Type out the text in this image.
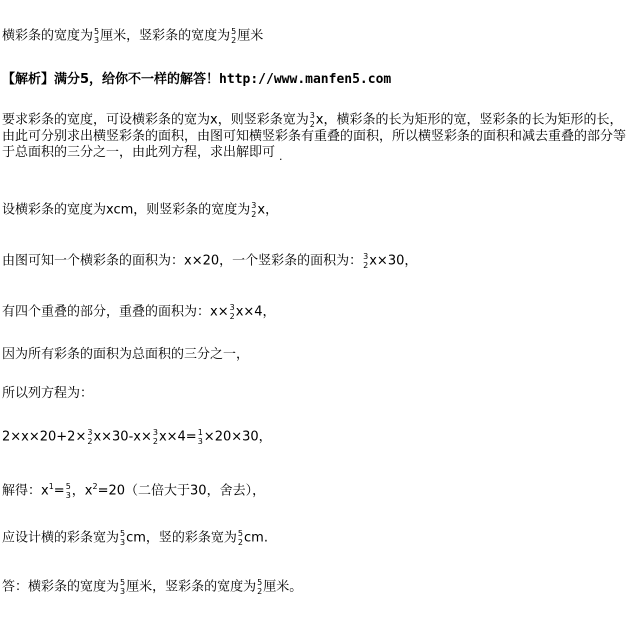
横彩条的宽度为 5
3 厘米，竖彩条的宽度为 5
2 厘米
【解析】满分5，给你不一样的解答！http://www.manfen5.com
要求彩条的宽度，可设横彩条的宽为x，则竖彩条宽为 3
2 x，横彩条的长为矩形的宽，竖彩条的长为矩形的长，由此可分别求出横竖彩条的面积，由图可知横竖彩条有重叠的面积，所以横竖彩条的面积和减去重叠的部分等于总面积的三分之一，由此列方程，求出解即可 $_.$
设横彩条的宽度为xcm，则竖彩条的宽度为 3
2 x，
由图可知一个横彩条的面积为：x×20，一个竖彩条的面积为： 3
2 x×30，
有四个重叠的部分，重叠的面积为：x× 3
2 x×4，
因为所有彩条的面积为总面积的三分之一，
所以列方程为：
2×x×20+2× 3
2 x×30-x× 3
2 x×4= 1
3 ×20×30，
解得：$x^1= 5$
3 ，$x^2=20$（二倍大于30，舍去），
应设计横的彩条宽为 5
3 cm，竖的彩条宽为 5
2 cm.
答：横彩条的宽度为 5
3 厘米，竖彩条的宽度为 5
2 厘米。
